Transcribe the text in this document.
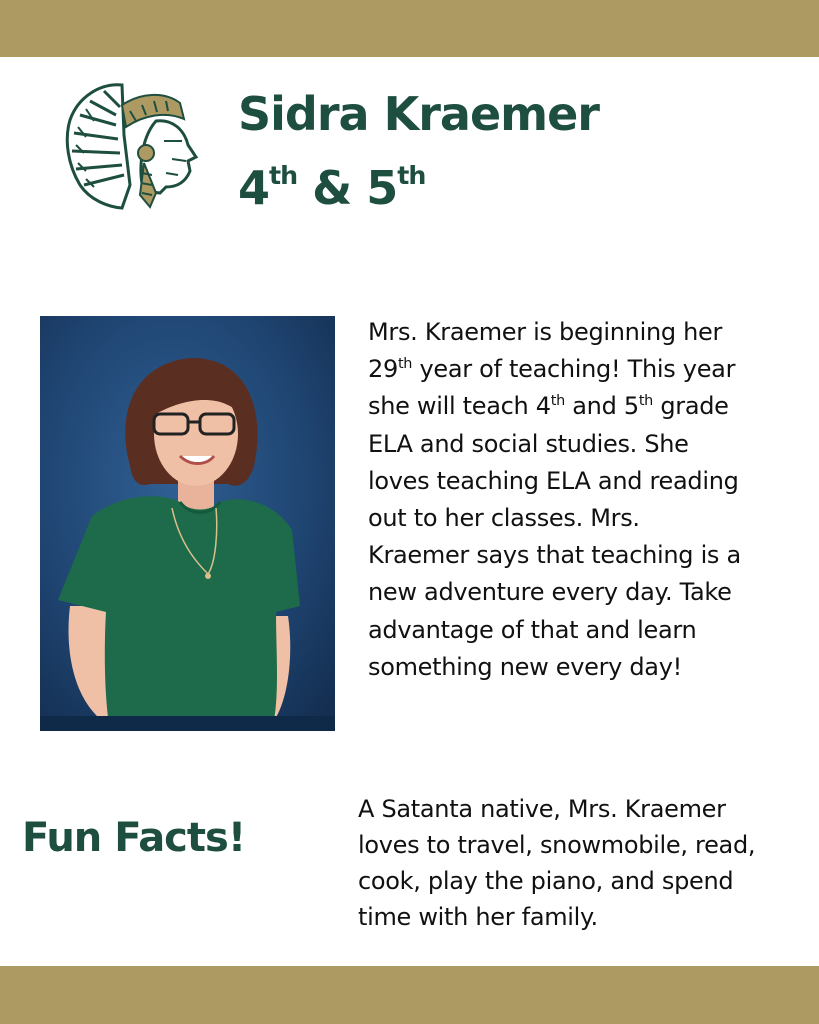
Sidra Kraemer
4th & 5th
Mrs. Kraemer is beginning her
29th year of teaching! This year
she will teach 4th and 5th grade
ELA and social studies. She
loves teaching ELA and reading
out to her classes. Mrs.
Kraemer says that teaching is a
new adventure every day. Take
advantage of that and learn
something new every day!
Fun Facts!
A Satanta native, Mrs. Kraemer
loves to travel, snowmobile, read,
cook, play the piano, and spend
time with her family.
